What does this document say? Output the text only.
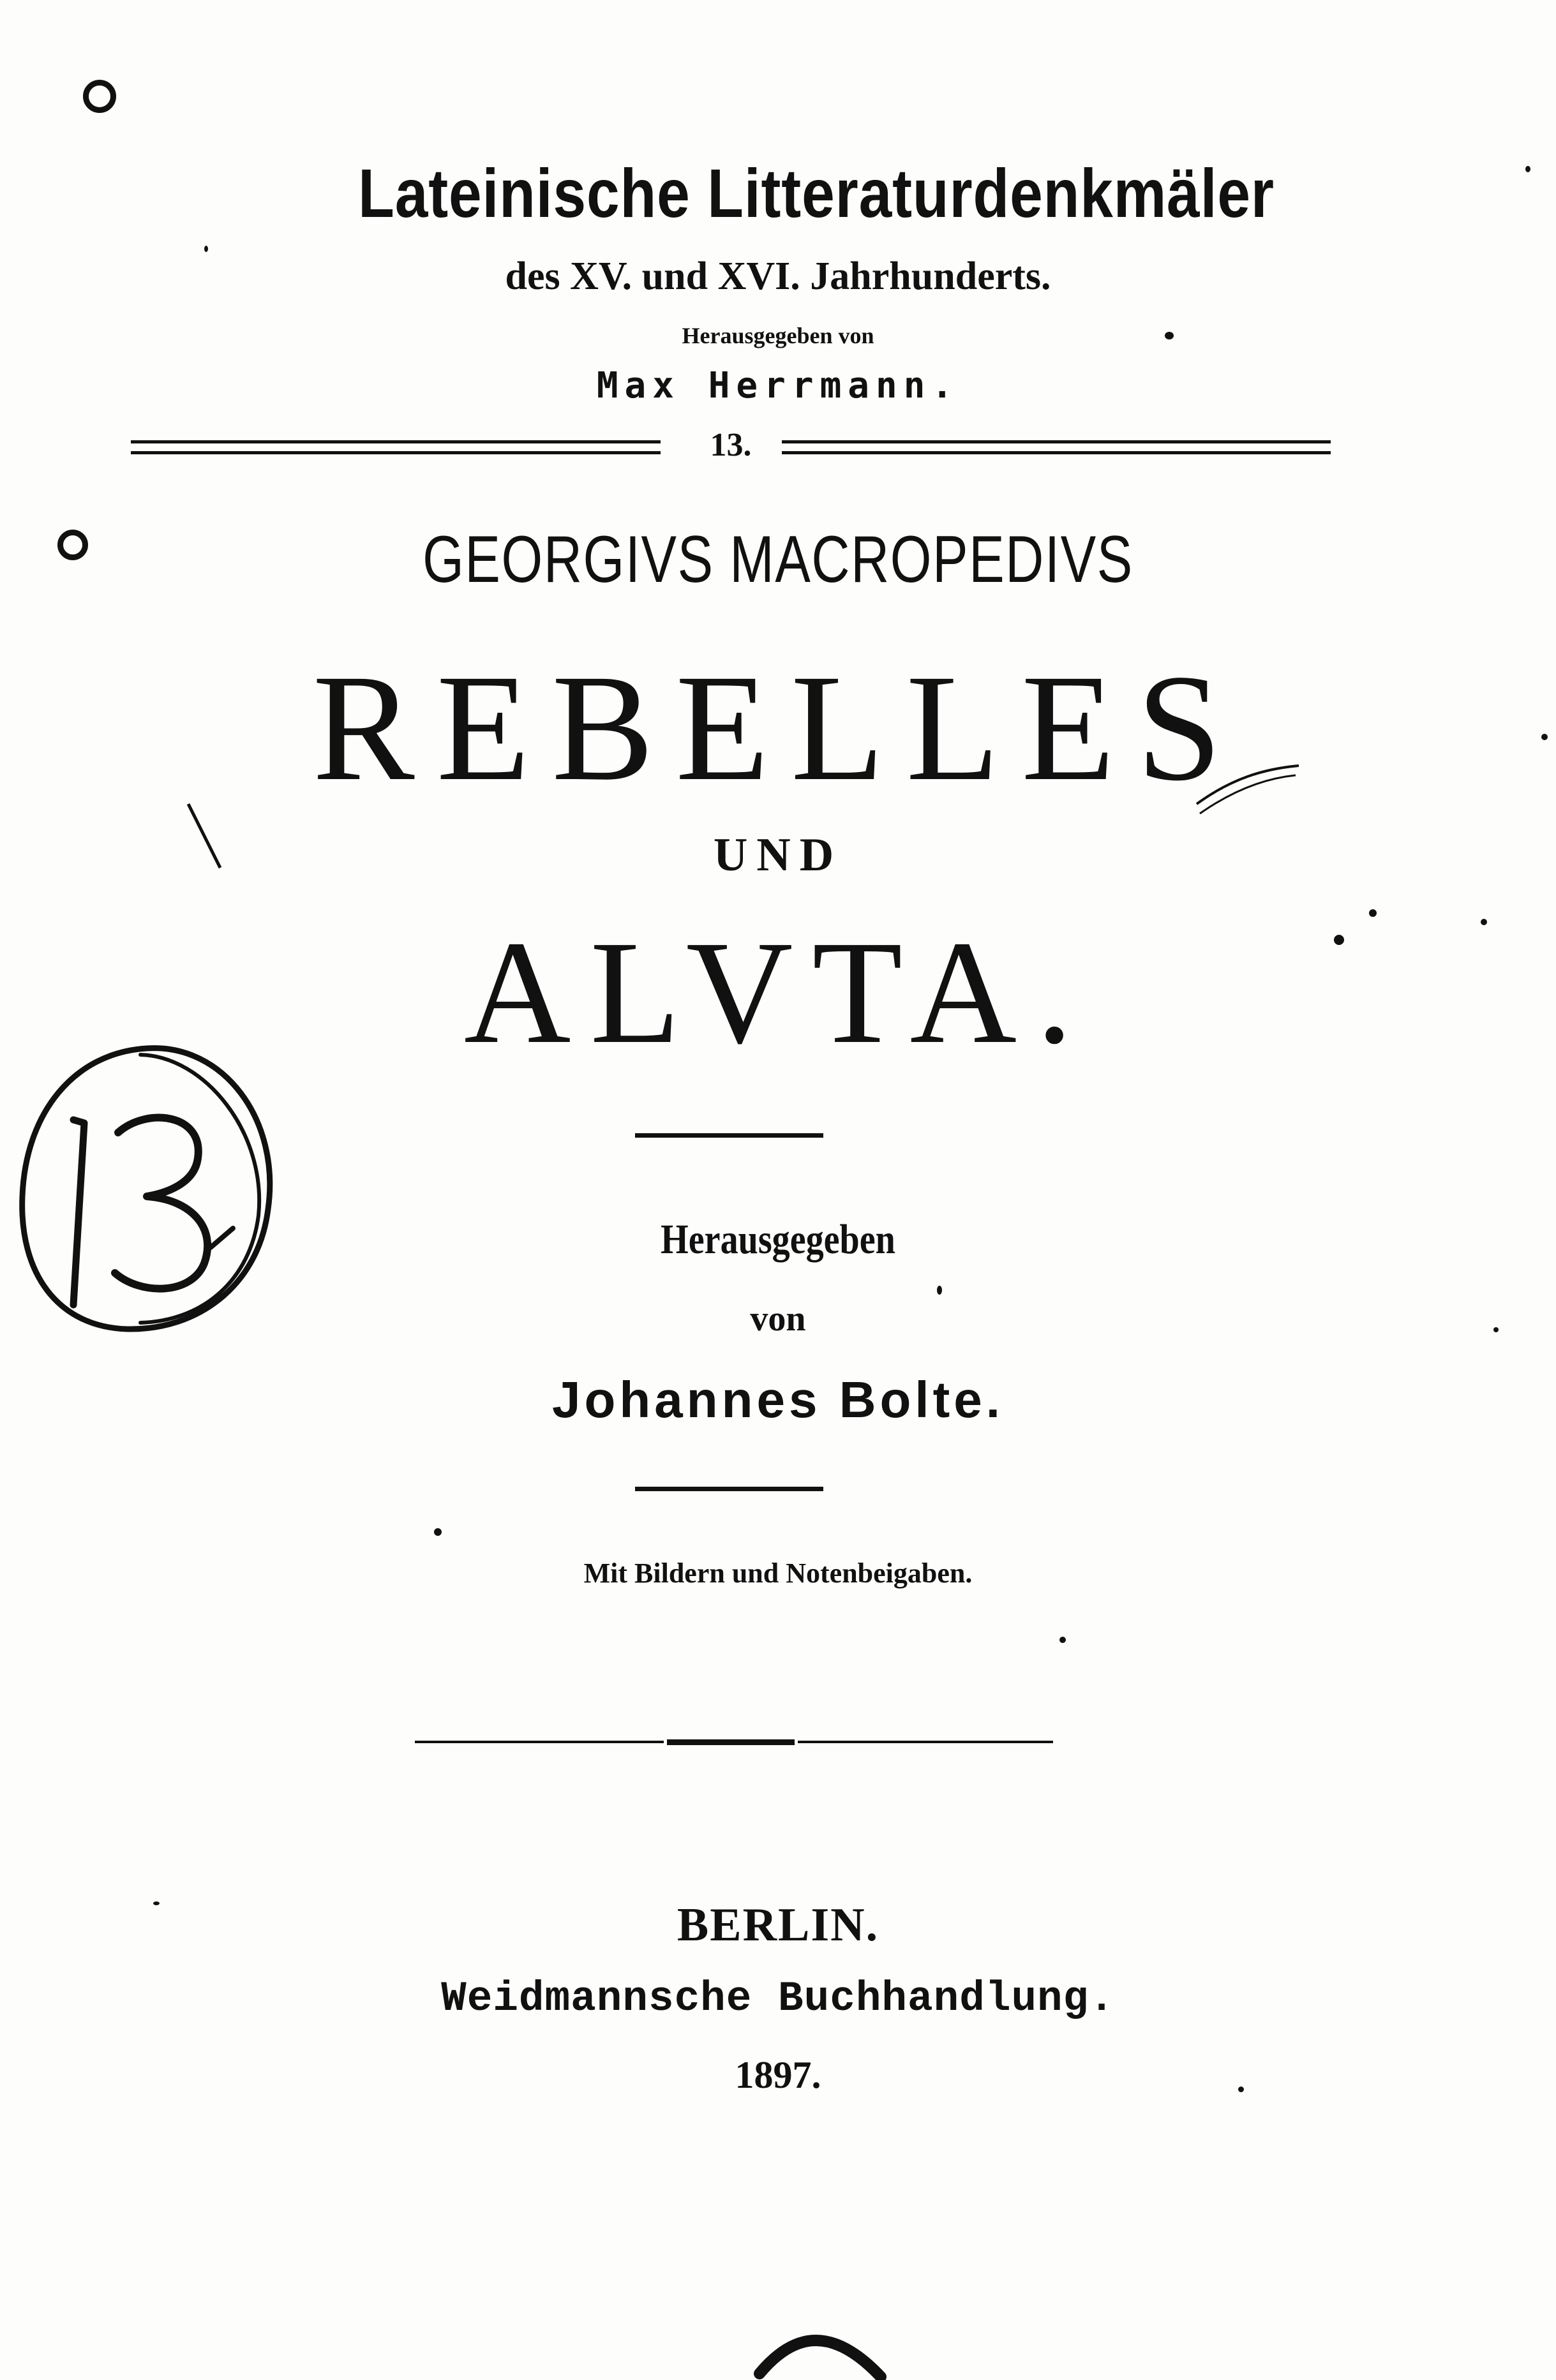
Lateinische Litteraturdenkmäler
des XV. und XVI. Jahrhunderts.
Herausgegeben von
Max Herrmann.
13.
GEORGIVS MACROPEDIVS
REBELLES
UND
ALVTA.
Herausgegeben
von
Johannes Bolte.
Mit Bildern und Notenbeigaben.
BERLIN.
Weidmannsche Buchhandlung.
1897.
